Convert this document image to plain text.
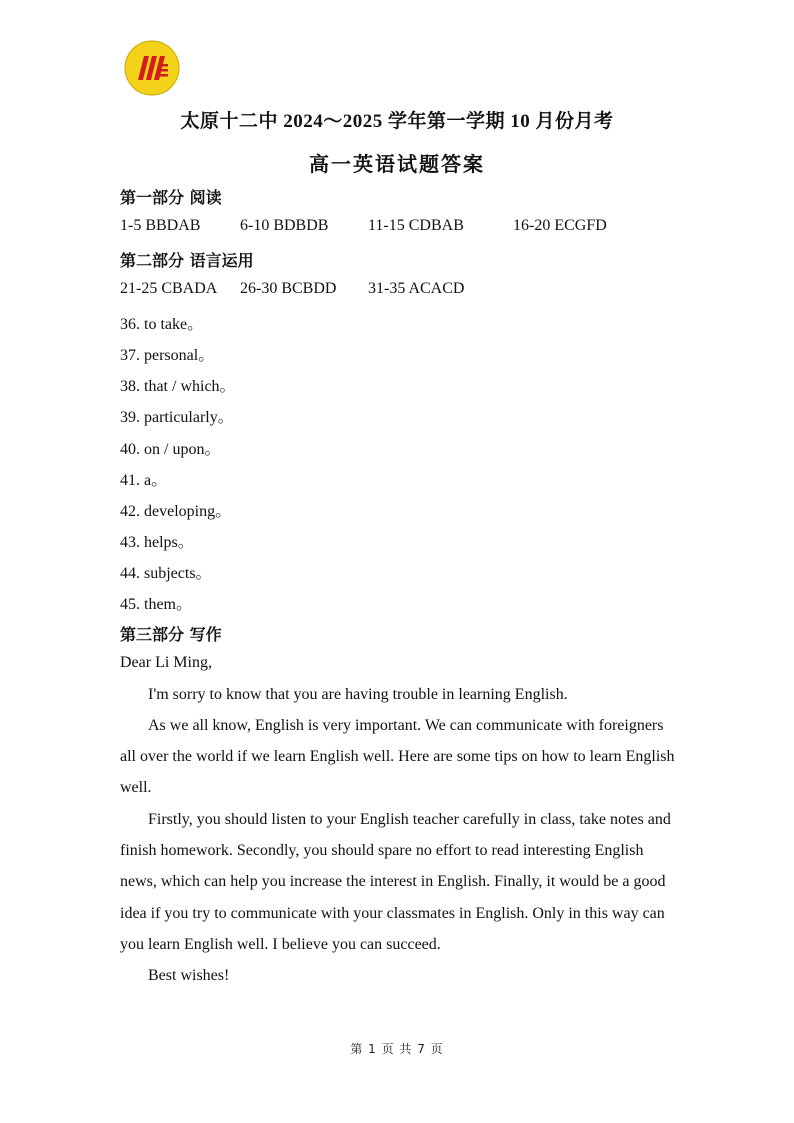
太原十二中 2024～2025 学年第一学期 10 月份月考
高一英语试题答案
第一部分 阅读
1-5 BBDAB 6-10 BDBDB 11-15 CDBAB	16-20 ECGFD
第二部分 语言运用
21-25 CBADA 26-30 BCBDD 31-35 ACACD
36. to take。
37. personal。
38. that / which。
39. particularly。
40. on / upon。
41. a。
42. developing。
43. helps。
44. subjects。
45. them。
第三部分 写作
Dear Li Ming,
I'm sorry to know that you are having trouble in learning English.
As we all know, English is very important. We can communicate with foreigners all over the world if we learn English well. Here are some tips on how to learn English well.
Firstly, you should listen to your English teacher carefully in class, take notes and finish homework. Secondly, you should spare no effort to read interesting English news, which can help you increase the interest in English. Finally, it would be a good idea if you try to communicate with your classmates in English. Only in this way can you learn English well. I believe you can succeed.
Best wishes!
第 1 页 共 7 页
